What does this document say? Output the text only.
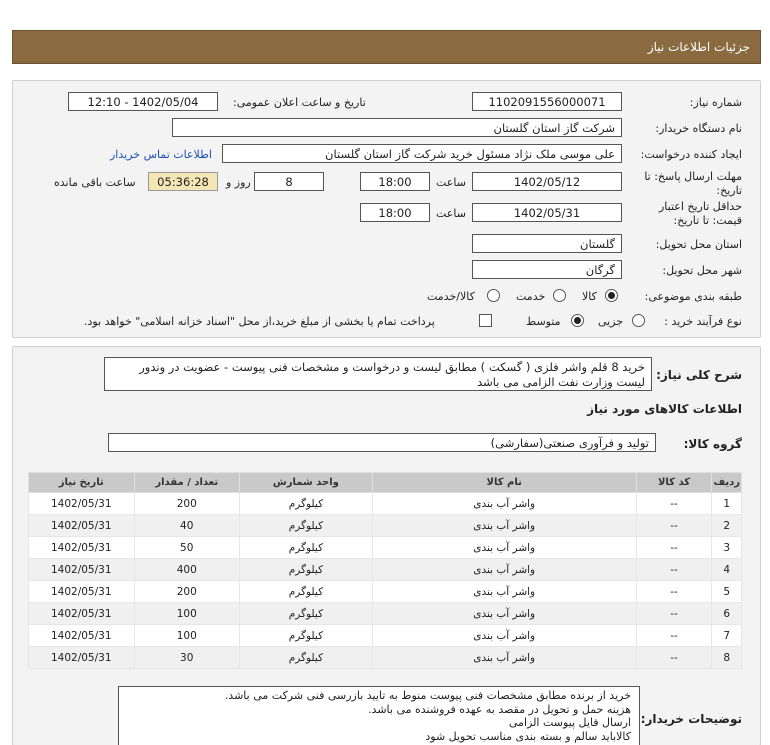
جزئیات اطلاعات نیاز
شماره نیاز:
1102091556000071
تاریخ و ساعت اعلان عمومی:
1402/05/04 - 12:10
نام دستگاه خریدار:
شرکت گاز استان گلستان
ایجاد کننده درخواست:
علی موسی ملک نژاد مسئول خرید شرکت گاز استان گلستان
اطلاعات تماس خریدار
مهلت ارسال پاسخ: تا تاریخ:
1402/05/12
ساعت
18:00
8
روز و
05:36:28
ساعت باقی مانده
حداقل تاریخ اعتبار قیمت: تا تاریخ:
1402/05/31
ساعت
18:00
استان محل تحویل:
گلستان
شهر محل تحویل:
گرگان
طبقه بندی موضوعی:
کالا
خدمت
کالا/خدمت
نوع فرآیند خرید :
جزیی
متوسط
پرداخت تمام یا بخشی از مبلغ خرید،از محل "اسناد خزانه اسلامی" خواهد بود.
شرح کلی نیاز:
خرید 8 قلم واشر فلزی ( گسکت ) مطابق لیست و درخواست و مشخصات فنی پیوست - عضویت در وندور لیست وزارت نفت الزامی می باشد
اطلاعات کالاهای مورد نیاز
گروه کالا:
تولید و فرآوری صنعتی(سفارشی)
ردیف	کد کالا	نام کالا	واحد شمارش	تعداد / مقدار	تاریخ نیاز
1	--	واشر آب بندی	کیلوگرم	200	1402/05/31
2	--	واشر آب بندی	کیلوگرم	40	1402/05/31
3	--	واشر آب بندی	کیلوگرم	50	1402/05/31
4	--	واشر آب بندی	کیلوگرم	400	1402/05/31
5	--	واشر آب بندی	کیلوگرم	200	1402/05/31
6	--	واشر آب بندی	کیلوگرم	100	1402/05/31
7	--	واشر آب بندی	کیلوگرم	100	1402/05/31
8	--	واشر آب بندی	کیلوگرم	30	1402/05/31
توضیحات خریدار:
خرید از برنده مطابق مشخصات فنی پیوست منوط به تایید بازرسی فنی شرکت می باشد.
هزینه حمل و تحویل در مقصد به عهده فروشنده می باشد.
ارسال فایل پیوست الزامی
کالاباید سالم و بسته بندی مناسب تحویل شود
